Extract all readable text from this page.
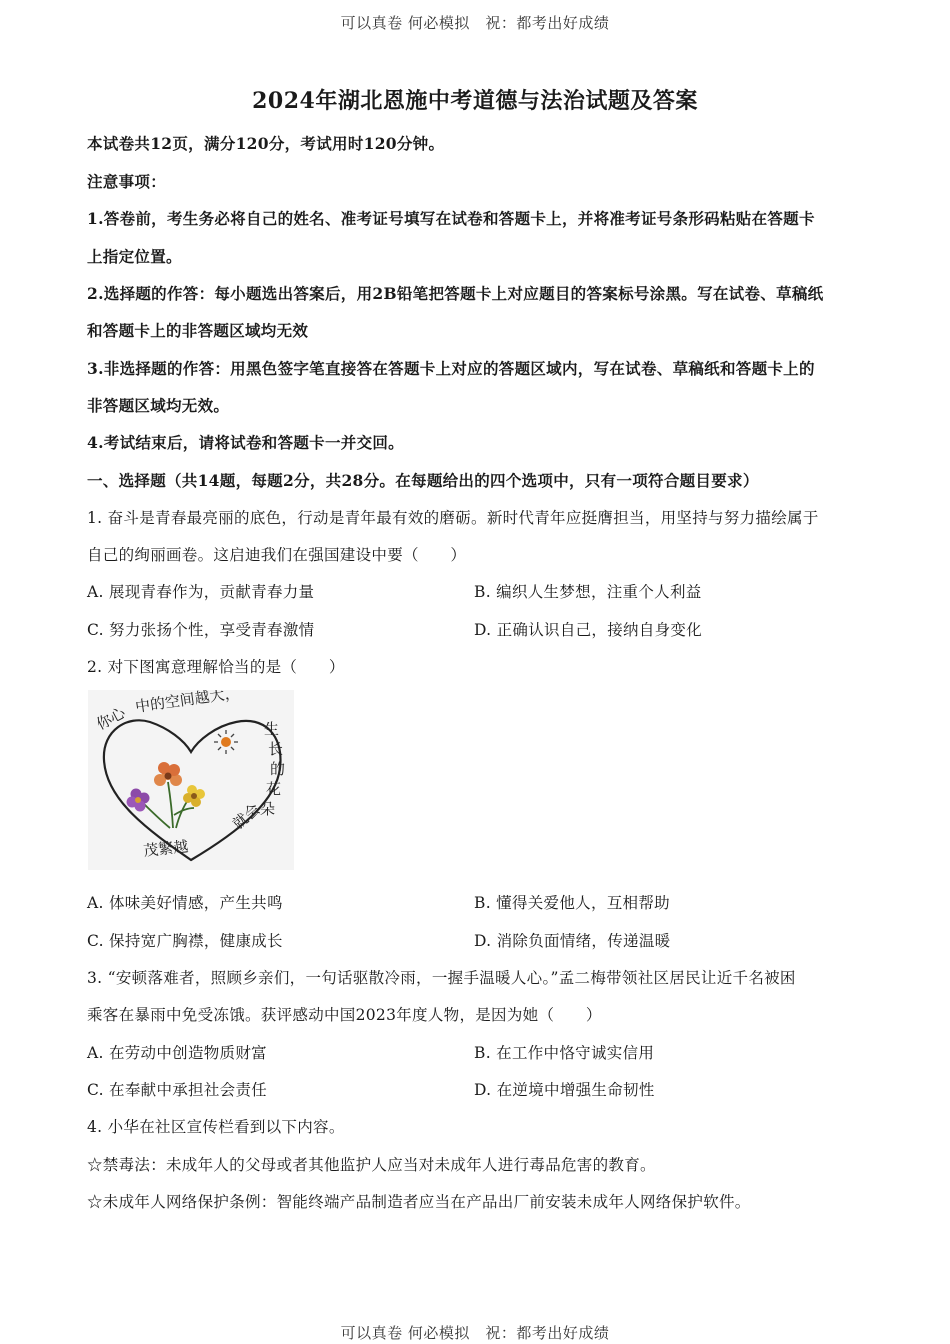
可以真卷 何必模拟　祝：都考出好成绩
2024年湖北恩施中考道德与法治试题及答案
本试卷共12页，满分120分，考试用时120分钟。
注意事项：
1.答卷前，考生务必将自己的姓名、准考证号填写在试卷和答题卡上，并将准考证号条形码粘贴在答题卡
上指定位置。
2.选择题的作答：每小题选出答案后，用2B铅笔把答题卡上对应题目的答案标号涂黑。写在试卷、草稿纸
和答题卡上的非答题区域均无效
3.非选择题的作答：用黑色签字笔直接答在答题卡上对应的答题区域内，写在试卷、草稿纸和答题卡上的
非答题区域均无效。
4.考试结束后，请将试卷和答题卡一并交回。
一、选择题（共14题，每题2分，共28分。在每题给出的四个选项中，只有一项符合题目要求）
1. 奋斗是青春最亮丽的底色，行动是青年最有效的磨砺。新时代青年应挺膺担当，用坚持与努力描绘属于
自己的绚丽画卷。这启迪我们在强国建设中要（　　）
A. 展现青春作为，贡献青春力量	B. 编织人生梦想，注重个人利益
C. 努力张扬个性，享受青春激情	D. 正确认识自己，接纳自身变化
2. 对下图寓意理解恰当的是（　　）
你心
中的空间越大，
生
长
的
花
朵
就会
茂繁越
A. 体味美好情感，产生共鸣	B. 懂得关爱他人，互相帮助
C. 保持宽广胸襟，健康成长	D. 消除负面情绪，传递温暖
3. “安顿落难者，照顾乡亲们，一句话驱散冷雨，一握手温暖人心。”孟二梅带领社区居民让近千名被困
乘客在暴雨中免受冻饿。获评感动中国2023年度人物，是因为她（　　）
A. 在劳动中创造物质财富	B. 在工作中恪守诚实信用
C. 在奉献中承担社会责任	D. 在逆境中增强生命韧性
4. 小华在社区宣传栏看到以下内容。
☆禁毒法：未成年人的父母或者其他监护人应当对未成年人进行毒品危害的教育。
☆未成年人网络保护条例：智能终端产品制造者应当在产品出厂前安装未成年人网络保护软件。
可以真卷 何必模拟　祝：都考出好成绩
